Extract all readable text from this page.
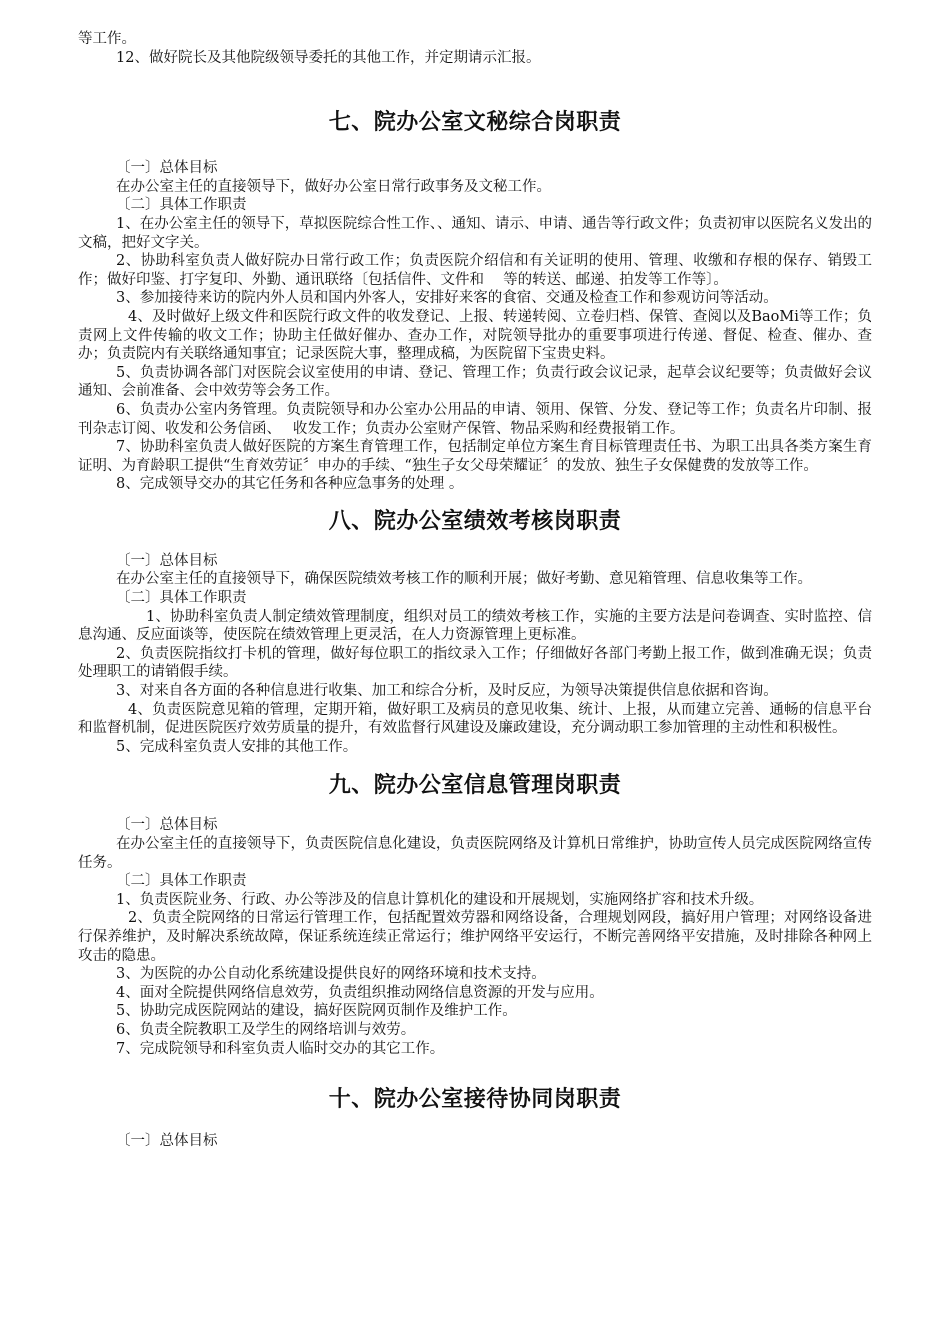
等工作。
12、做好院长及其他院级领导委托的其他工作，并定期请示汇报。
七、院办公室文秘综合岗职责
〔一〕总体目标
在办公室主任的直接领导下，做好办公室日常行政事务及文秘工作。
〔二〕具体工作职责
1、在办公室主任的领导下，草拟医院综合性工作、、通知、请示、申请、通告等行政文件；负责初审以医院名义发出的文稿，把好文字关。
2、协助科室负责人做好院办日常行政工作；负责医院介绍信和有关证明的使用、管理、收缴和存根的保存、销毁工作；做好印鉴、打字复印、外勤、通讯联络〔包括信件、文件和　 等的转送、邮递、拍发等工作等〕。
3、参加接待来访的院内外人员和国内外客人，安排好来客的食宿、交通及检查工作和参观访问等活动。
4、及时做好上级文件和医院行政文件的收发登记、上报、转递转阅、立卷归档、保管、查阅以及BaoMi等工作；负责网上文件传输的收文工作；协助主任做好催办、查办工作，对院领导批办的重要事项进行传递、督促、检查、催办、查办；负责院内有关联络通知事宜；记录医院大事，整理成稿，为医院留下宝贵史料。
5、负责协调各部门对医院会议室使用的申请、登记、管理工作；负责行政会议记录，起草会议纪要等；负责做好会议通知、会前准备、会中效劳等会务工作。
6、负责办公室内务管理。负责院领导和办公室办公用品的申请、领用、保管、分发、登记等工作；负责名片印制、报刊杂志订阅、收发和公务信函、　 收发工作；负责办公室财产保管、物品采购和经费报销工作。
7、协助科室负责人做好医院的方案生育管理工作，包括制定单位方案生育目标管理责任书、为职工出具各类方案生育证明、为育龄职工提供“生育效劳证〞申办的手续、“独生子女父母荣耀证〞的发放、独生子女保健费的发放等工作。
8、完成领导交办的其它任务和各种应急事务的处理 。
八、院办公室绩效考核岗职责
〔一〕总体目标
在办公室主任的直接领导下，确保医院绩效考核工作的顺利开展；做好考勤、意见箱管理、信息收集等工作。
〔二〕具体工作职责
1、协助科室负责人制定绩效管理制度，组织对员工的绩效考核工作，实施的主要方法是问卷调查、实时监控、信息沟通、反应面谈等，使医院在绩效管理上更灵活，在人力资源管理上更标准。
2、负责医院指纹打卡机的管理，做好每位职工的指纹录入工作；仔细做好各部门考勤上报工作，做到准确无误；负责处理职工的请销假手续。
3、对来自各方面的各种信息进行收集、加工和综合分析，及时反应，为领导决策提供信息依据和咨询。
4、负责医院意见箱的管理，定期开箱，做好职工及病员的意见收集、统计、上报，从而建立完善、通畅的信息平台和监督机制，促进医院医疗效劳质量的提升，有效监督行风建设及廉政建设，充分调动职工参加管理的主动性和积极性。
5、完成科室负责人安排的其他工作。
九、院办公室信息管理岗职责
〔一〕总体目标
在办公室主任的直接领导下，负责医院信息化建设，负责医院网络及计算机日常维护，协助宣传人员完成医院网络宣传任务。
〔二〕具体工作职责
1、负责医院业务、行政、办公等涉及的信息计算机化的建设和开展规划，实施网络扩容和技术升级。
2、负责全院网络的日常运行管理工作，包括配置效劳器和网络设备，合理规划网段，搞好用户管理；对网络设备进行保养维护，及时解决系统故障，保证系统连续正常运行；维护网络平安运行，不断完善网络平安措施，及时排除各种网上攻击的隐患。
3、为医院的办公自动化系统建设提供良好的网络环境和技术支持。
4、面对全院提供网络信息效劳，负责组织推动网络信息资源的开发与应用。
5、协助完成医院网站的建设，搞好医院网页制作及维护工作。
6、负责全院教职工及学生的网络培训与效劳。
7、完成院领导和科室负责人临时交办的其它工作。
十、院办公室接待协同岗职责
〔一〕总体目标
